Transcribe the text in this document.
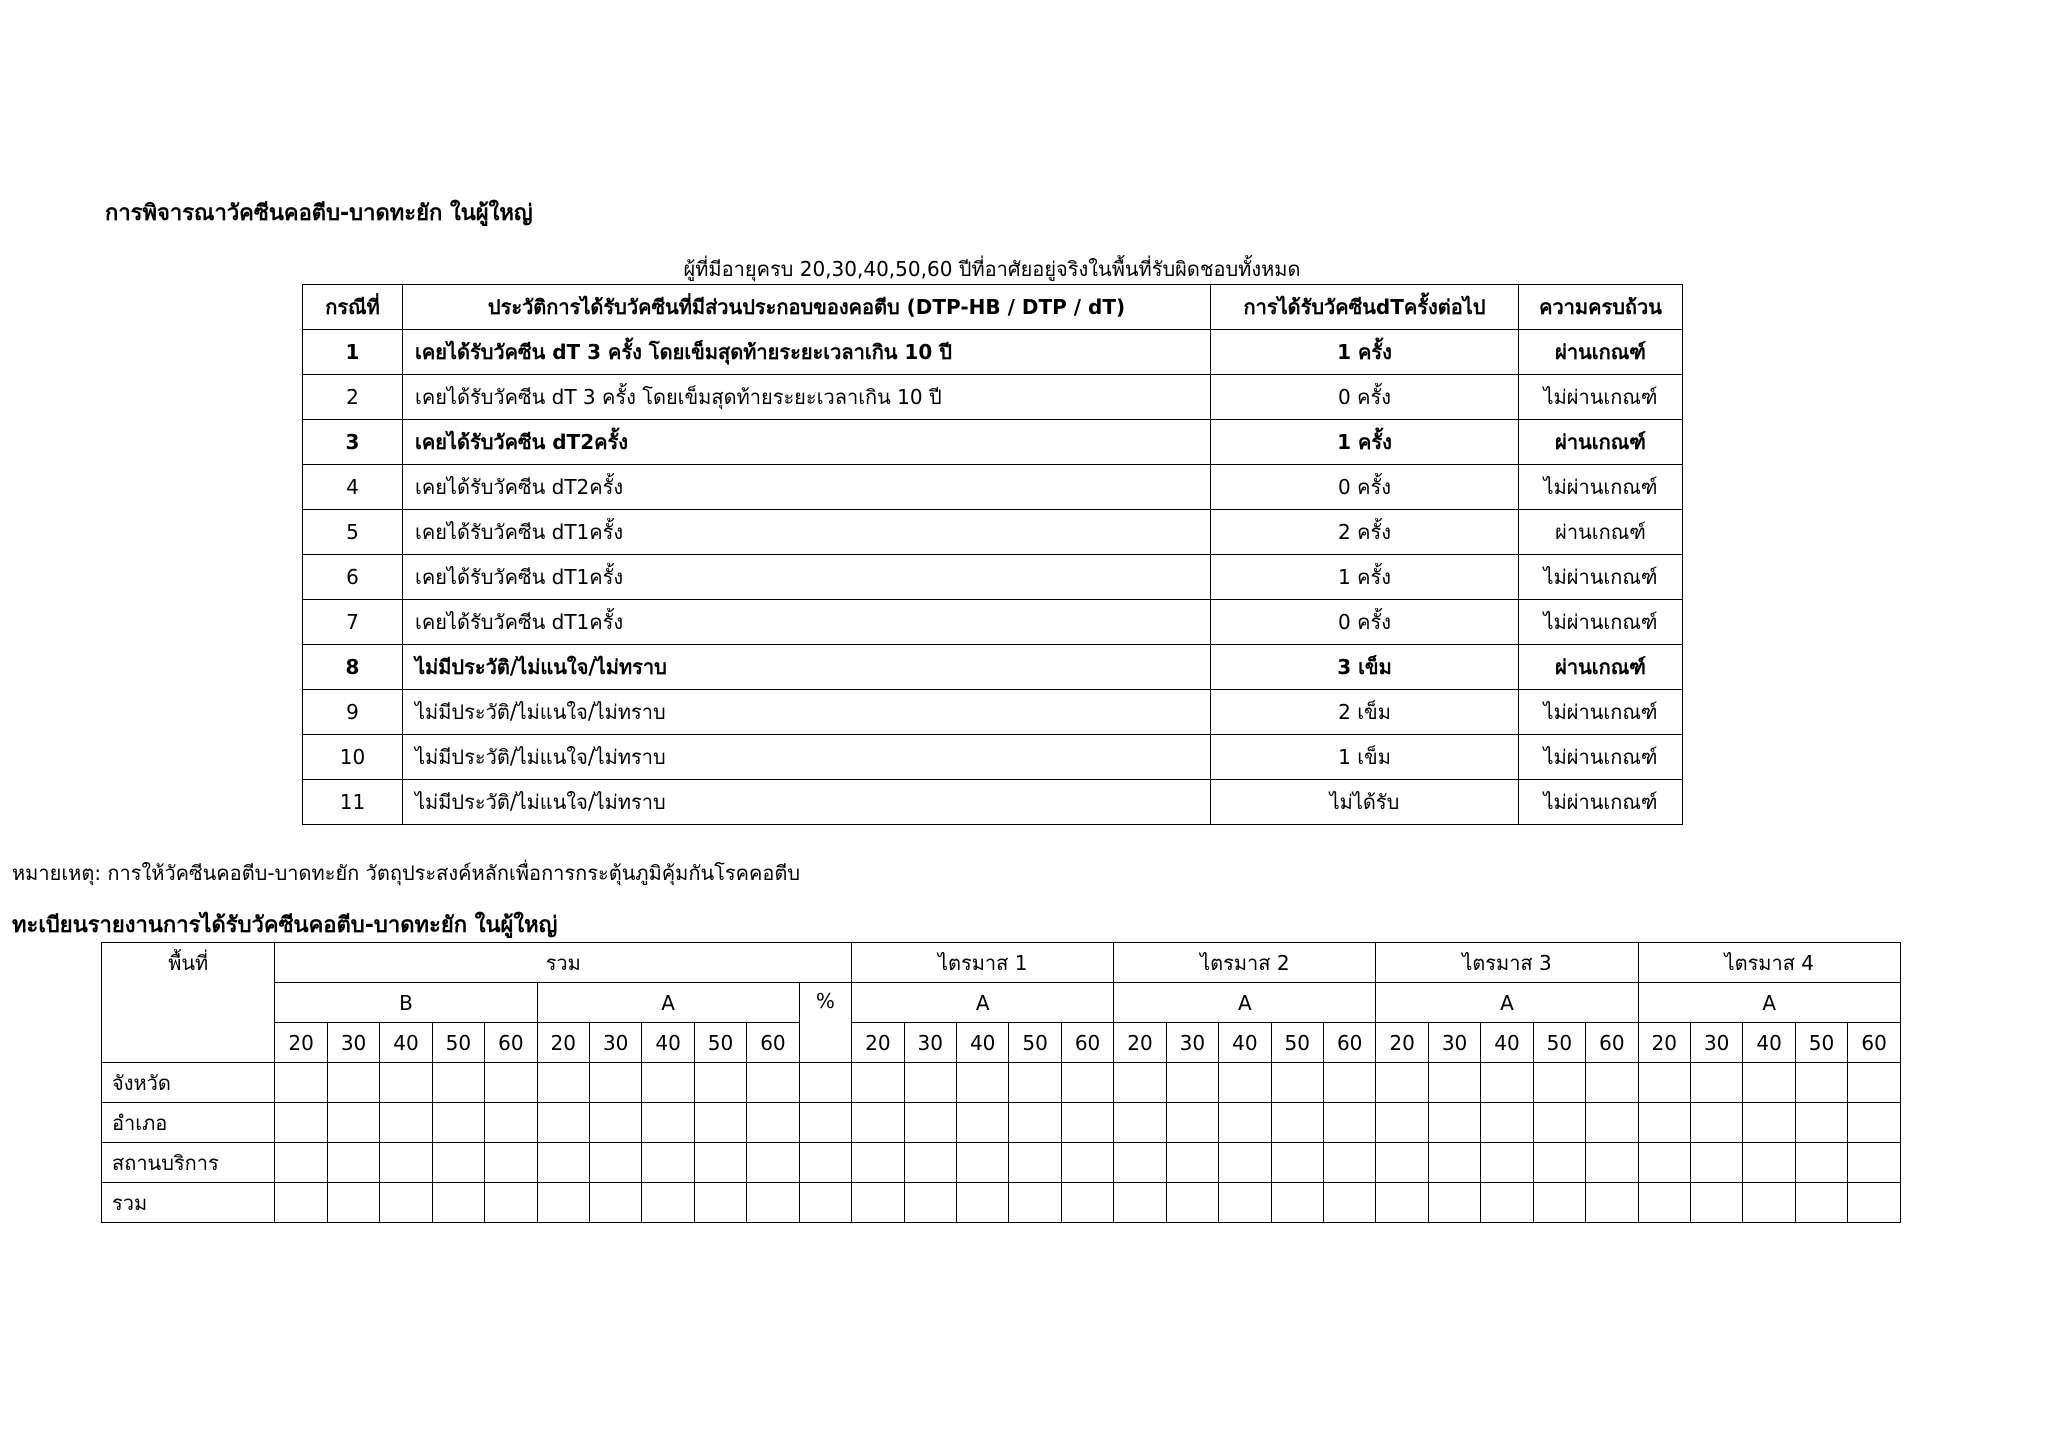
การพิจารณาวัคซีนคอตีบ-บาดทะยัก ในผู้ใหญ่
ผู้ที่มีอายุครบ 20,30,40,50,60 ปีที่อาศัยอยู่จริงในพื้นที่รับผิดชอบทั้งหมด
กรณีที่	ประวัติการได้รับวัคซีนที่มีส่วนประกอบของคอตีบ (DTP-HB / DTP / dT)	การได้รับวัคซีนdTครั้งต่อไป	ความครบถ้วน
1	เคยได้รับวัคซีน dT 3 ครั้ง โดยเข็มสุดท้ายระยะเวลาเกิน 10 ปี	1 ครั้ง	ผ่านเกณฑ์
2	เคยได้รับวัคซีน dT 3 ครั้ง โดยเข็มสุดท้ายระยะเวลาเกิน 10 ปี	0 ครั้ง	ไม่ผ่านเกณฑ์
3	เคยได้รับวัคซีน dT2ครั้ง	1 ครั้ง	ผ่านเกณฑ์
4	เคยได้รับวัคซีน dT2ครั้ง	0 ครั้ง	ไม่ผ่านเกณฑ์
5	เคยได้รับวัคซีน dT1ครั้ง	2 ครั้ง	ผ่านเกณฑ์
6	เคยได้รับวัคซีน dT1ครั้ง	1 ครั้ง	ไม่ผ่านเกณฑ์
7	เคยได้รับวัคซีน dT1ครั้ง	0 ครั้ง	ไม่ผ่านเกณฑ์
8	ไม่มีประวัติ/ไม่แนใจ/ไม่ทราบ	3 เข็ม	ผ่านเกณฑ์
9	ไม่มีประวัติ/ไม่แนใจ/ไม่ทราบ	2 เข็ม	ไม่ผ่านเกณฑ์
10	ไม่มีประวัติ/ไม่แนใจ/ไม่ทราบ	1 เข็ม	ไม่ผ่านเกณฑ์
11	ไม่มีประวัติ/ไม่แนใจ/ไม่ทราบ	ไม่ได้รับ	ไม่ผ่านเกณฑ์
หมายเหตุ: การให้วัคซีนคอตีบ-บาดทะยัก วัตถุประสงค์หลักเพื่อการกระตุ้นภูมิคุ้มกันโรคคอตีบ
ทะเบียนรายงานการได้รับวัคซีนคอตีบ-บาดทะยัก ในผู้ใหญ่
พื้นที่	รวม											ไตรมาส 1					ไตรมาส 2					ไตรมาส 3					ไตรมาส 4				
	B					A					%	A					A					A					A				
	20	30	40	50	60	20	30	40	50	60		20	30	40	50	60	20	30	40	50	60	20	30	40	50	60	20	30	40	50	60
จังหวัด																															
อำเภอ																															
สถานบริการ																															
รวม																															
